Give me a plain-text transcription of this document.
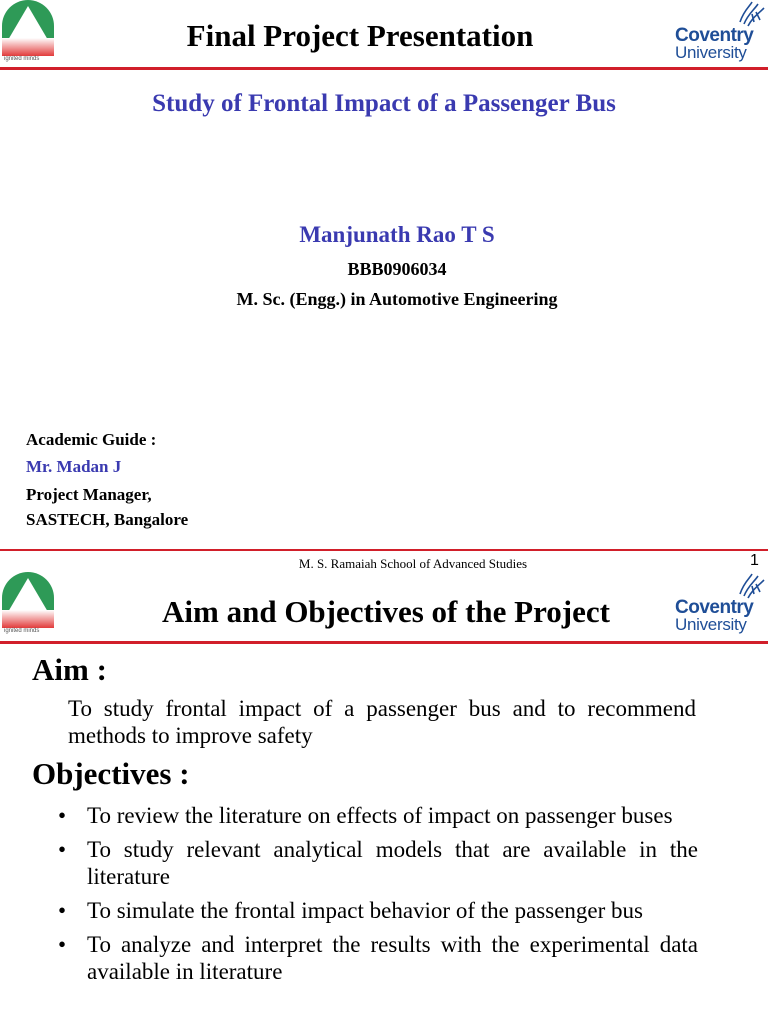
ignited minds
Final Project Presentation	Coventry
University
Study of Frontal Impact of a Passenger Bus
Manjunath Rao T S
BBB0906034
M. Sc. (Engg.) in Automotive Engineering
Academic Guide :
Mr. Madan J
Project Manager,
SASTECH, Bangalore
M. S. Ramaiah School of Advanced Studies	1
ignited minds
Aim and Objectives of the Project	Coventry
University
Aim :
To study frontal impact of a passenger bus and to recommend methods to improve safety
Objectives :
• To review the literature on effects of impact on passenger buses
• To study relevant analytical models that are available in the literature
• To simulate the frontal impact behavior of the passenger bus
• To analyze and interpret the results with the experimental data available in literature
